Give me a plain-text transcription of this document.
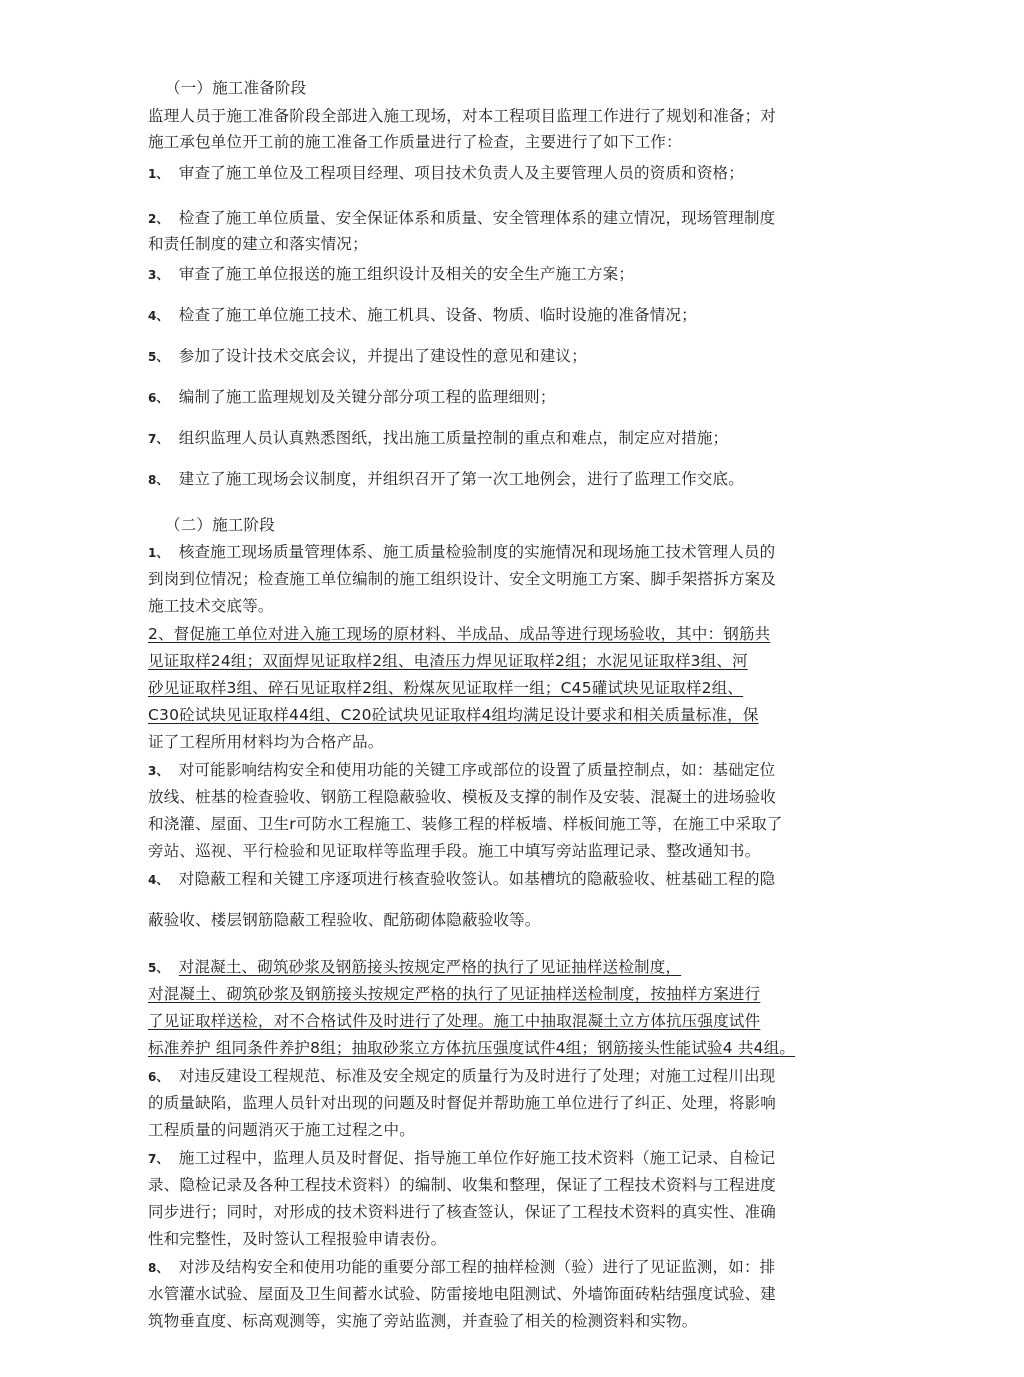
（一）施工准备阶段
监理人员于施工准备阶段全部进入施工现场，对本工程项目监理工作进行了规划和准备；对
施工承包单位开工前的施工准备工作质量进行了检查，主要进行了如下工作：
1、 审查了施工单位及工程项目经理、项目技术负责人及主要管理人员的资质和资格；
2、 检查了施工单位质量、安全保证体系和质量、安全管理体系的建立情况，现场管理制度
和责任制度的建立和落实情况；
3、 审查了施工单位报送的施工组织设计及相关的安全生产施工方案；
4、 检查了施工单位施工技术、施工机具、设备、物质、临时设施的准备情况；
5、 参加了设计技术交底会议，并提出了建设性的意见和建议；
6、 编制了施工监理规划及关键分部分项工程的监理细则；
7、 组织监理人员认真熟悉图纸，找出施工质量控制的重点和难点，制定应对措施；
8、 建立了施工现场会议制度，并组织召开了第一次工地例会，进行了监理工作交底。
（二）施工阶段
1、 核查施工现场质量管理体系、施工质量检验制度的实施情况和现场施工技术管理人员的
到岗到位情况；检查施工单位编制的施工组织设计、安全文明施工方案、脚手架搭拆方案及
施工技术交底等。
2、督促施工单位对进入施工现场的原材料、半成品、成品等进行现场验收，其中：钢筋共
见证取样24组；双面焊见证取样2组、电渣压力焊见证取样2组；水泥见证取样3组、河
砂见证取样3组、碎石见证取样2组、粉煤灰见证取样一组；C45礶试块见证取样2组、
C30砼试块见证取样44组、C20砼试块见证取样4组均满足设计要求和相关质量标准，保
证了工程所用材料均为合格产品。
3、 对可能影响结构安全和使用功能的关键工序或部位的设置了质量控制点，如：基础定位
放线、桩基的检查验收、钢筋工程隐蔽验收、模板及支撑的制作及安装、混凝土的进场验收
和浇灌、屋面、卫生r可防水工程施工、装修工程的样板墙、样板间施工等，在施工中采取了
旁站、巡视、平行检验和见证取样等监理手段。施工中填写旁站监理记录、整改通知书。
4、 对隐蔽工程和关键工序逐项进行核查验收签认。如基槽坑的隐蔽验收、桩基础工程的隐
蔽验收、楼层钢筋隐蔽工程验收、配筋砌体隐蔽验收等。
5、 对混凝土、砌筑砂浆及钢筋接头按规定严格的执行了见证抽样送检制度，
对混凝土、砌筑砂浆及钢筋接头按规定严格的执行了见证抽样送检制度，按抽样方案进行
了见证取样送检，对不合格试件及时进行了处理。施工中抽取混凝土立方体抗压强度试件
标准养护 组同条件养护8组；抽取砂浆立方体抗压强度试件4组；钢筋接头性能试验4 共4组。
6、 对违反建设工程规范、标准及安全规定的质量行为及时进行了处理；对施工过程川出现
的质量缺陷，监理人员针对出现的问题及时督促并帮助施工单位进行了纠正、处理，将影响
工程质量的问题消灭于施工过程之中。
7、 施工过程中，监理人员及时督促、指导施工单位作好施工技术资料（施工记录、自检记
录、隐检记录及各种工程技术资料）的编制、收集和整理，保证了工程技术资料与工程进度
同步进行；同时，对形成的技术资料进行了核查签认，保证了工程技术资料的真实性、准确
性和完整性，及时签认工程报验申请表份。
8、 对涉及结构安全和使用功能的重要分部工程的抽样检测（验）进行了见证监测，如：排
水管灌水试验、屋面及卫生间蓄水试验、防雷接地电阻测试、外墙饰面砖粘结强度试验、建
筑物垂直度、标高观测等，实施了旁站监测，并查验了相关的检测资料和实物。
